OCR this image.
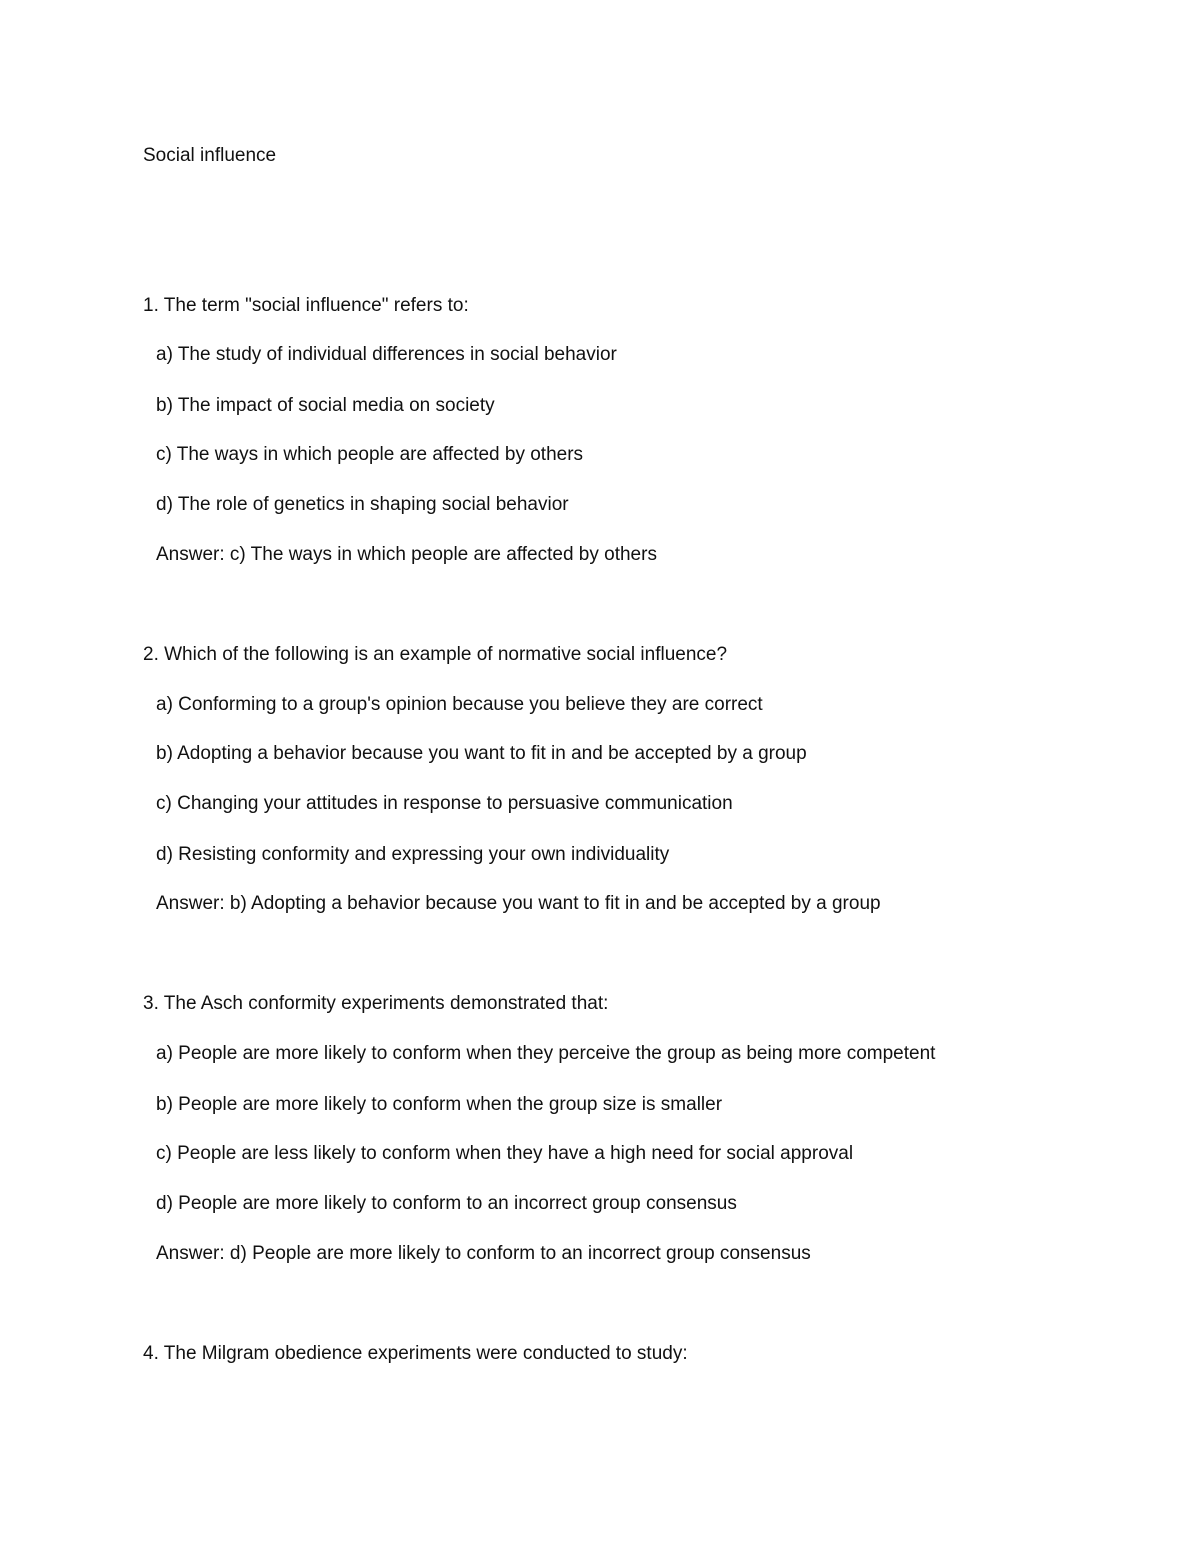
Social influence
1. The term "social influence" refers to:
a) The study of individual differences in social behavior
b) The impact of social media on society
c) The ways in which people are affected by others
d) The role of genetics in shaping social behavior
Answer: c) The ways in which people are affected by others
2. Which of the following is an example of normative social influence?
a) Conforming to a group's opinion because you believe they are correct
b) Adopting a behavior because you want to fit in and be accepted by a group
c) Changing your attitudes in response to persuasive communication
d) Resisting conformity and expressing your own individuality
Answer: b) Adopting a behavior because you want to fit in and be accepted by a group
3. The Asch conformity experiments demonstrated that:
a) People are more likely to conform when they perceive the group as being more competent
b) People are more likely to conform when the group size is smaller
c) People are less likely to conform when they have a high need for social approval
d) People are more likely to conform to an incorrect group consensus
Answer: d) People are more likely to conform to an incorrect group consensus
4. The Milgram obedience experiments were conducted to study:
